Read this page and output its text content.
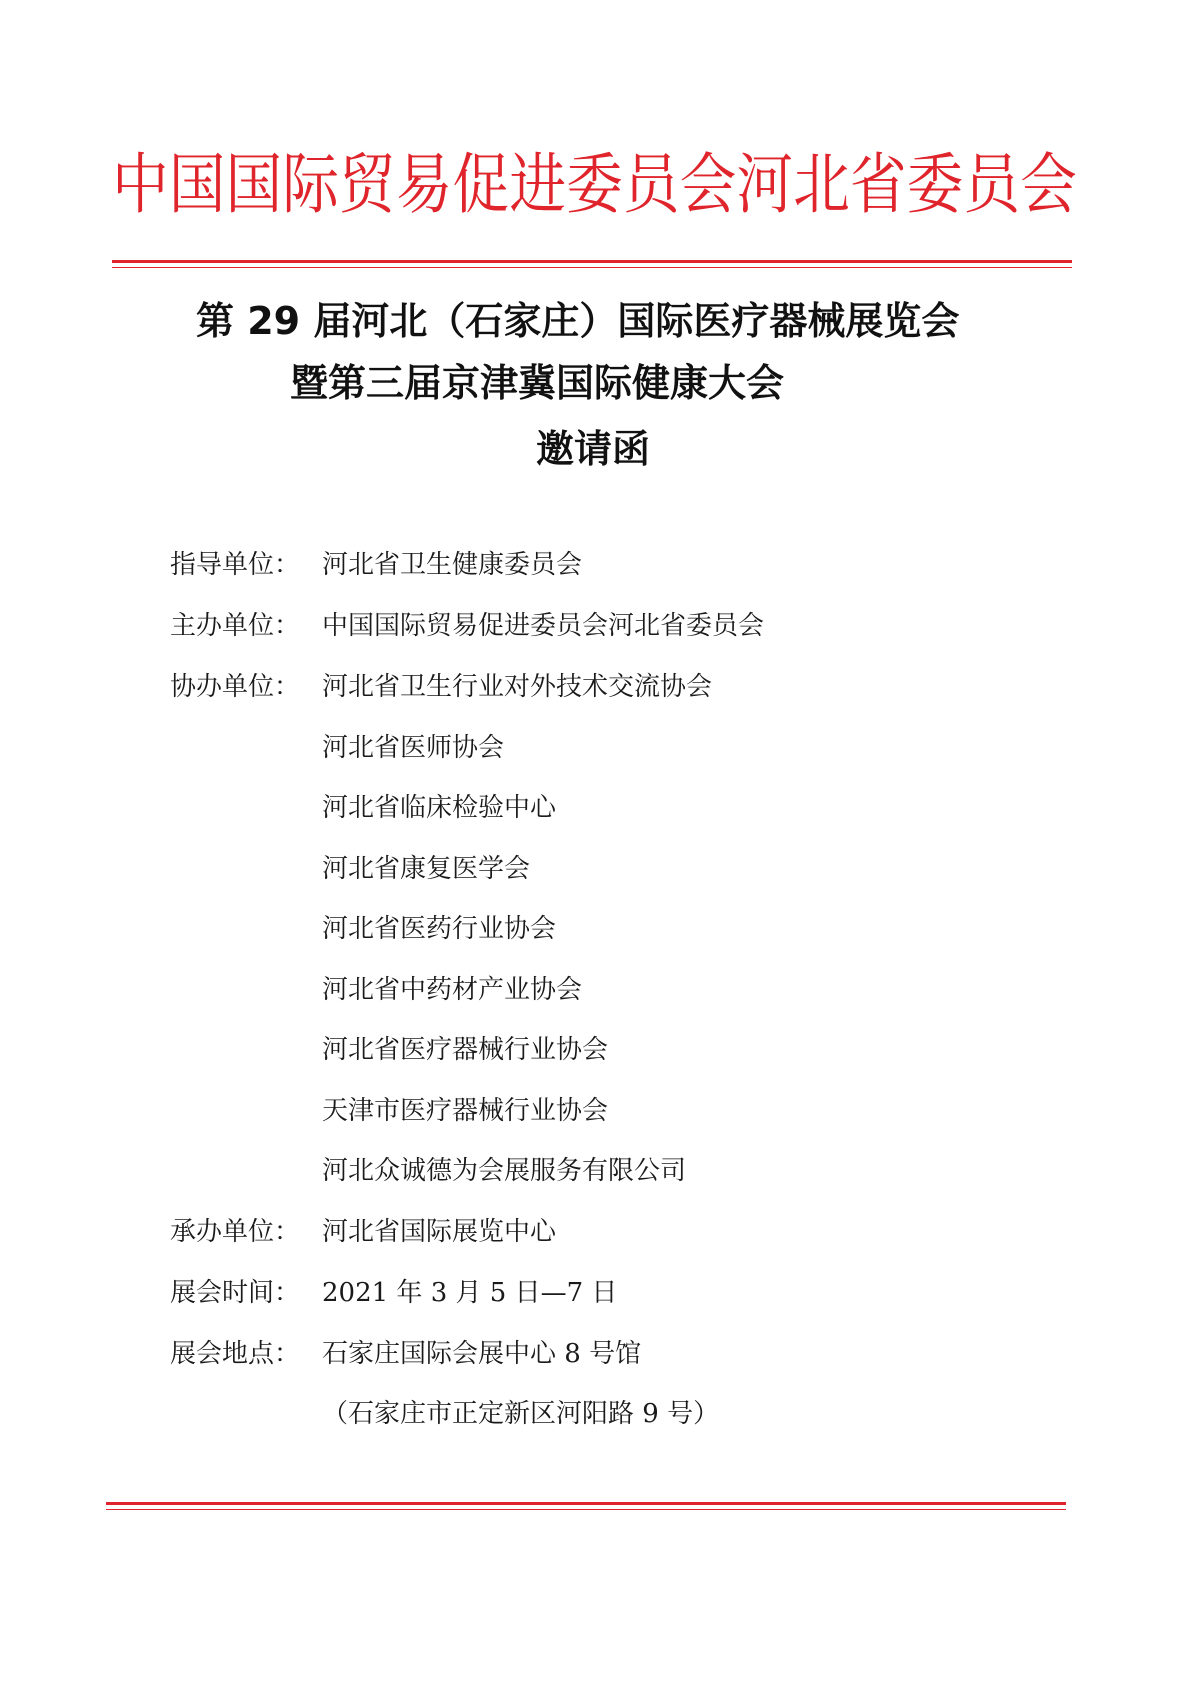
中国国际贸易促进委员会河北省委员会
第 29 届河北（石家庄）国际医疗器械展览会
暨第三届京津冀国际健康大会
邀请函
指导单位： 河北省卫生健康委员会
主办单位： 中国国际贸易促进委员会河北省委员会
协办单位： 河北省卫生行业对外技术交流协会
河北省医师协会
河北省临床检验中心
河北省康复医学会
河北省医药行业协会
河北省中药材产业协会
河北省医疗器械行业协会
天津市医疗器械行业协会
河北众诚德为会展服务有限公司
承办单位： 河北省国际展览中心
展会时间： 2021 年 3 月 5 日—7 日
展会地点： 石家庄国际会展中心 8 号馆
（石家庄市正定新区河阳路 9 号）
